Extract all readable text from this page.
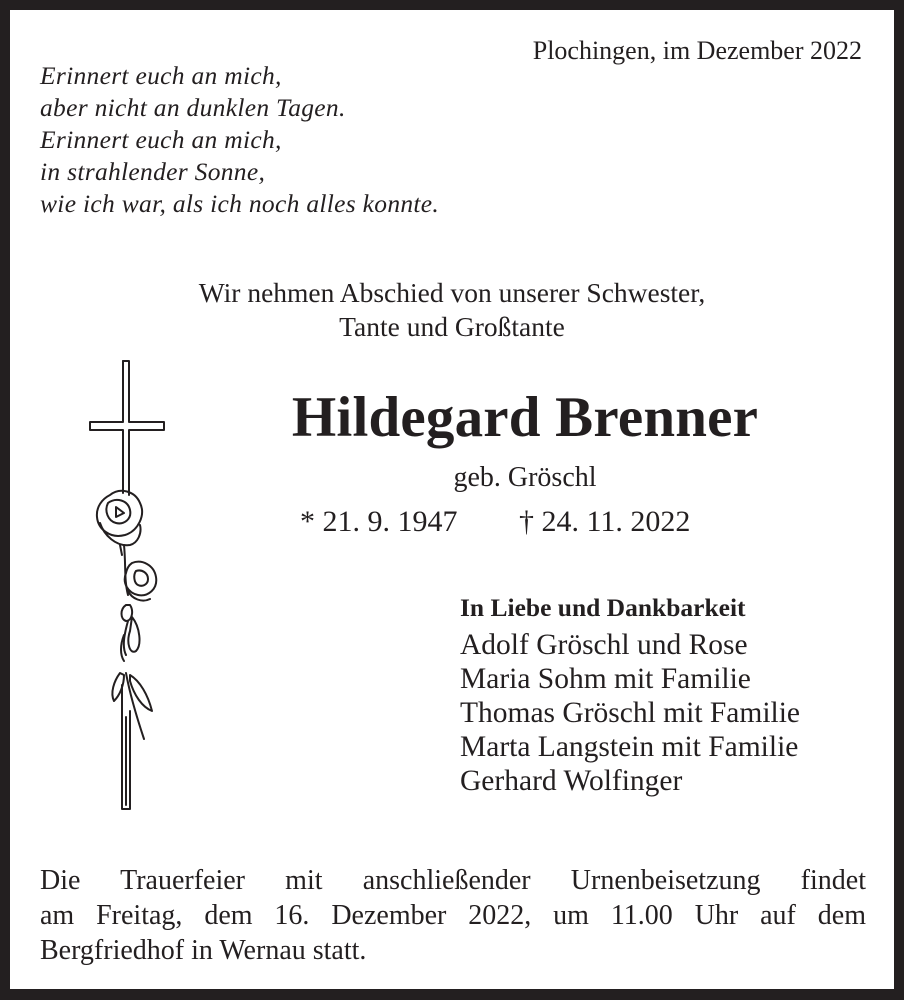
Plochingen, im Dezember 2022
Erinnert euch an mich,
aber nicht an dunklen Tagen.
Erinnert euch an mich,
in strahlender Sonne,
wie ich war, als ich noch alles konnte.
Wir nehmen Abschied von unserer Schwester,
Tante und Großtante
Hildegard Brenner
geb. Gröschl
* 21. 9. 1947 † 24. 11. 2022
In Liebe und Dankbarkeit
Adolf Gröschl und Rose
Maria Sohm mit Familie
Thomas Gröschl mit Familie
Marta Langstein mit Familie
Gerhard Wolfinger
Die Trauerfeier mit anschließender Urnenbeisetzung findet
am Freitag, dem 16. Dezember 2022, um 11.00 Uhr auf dem
Bergfriedhof in Wernau statt.
